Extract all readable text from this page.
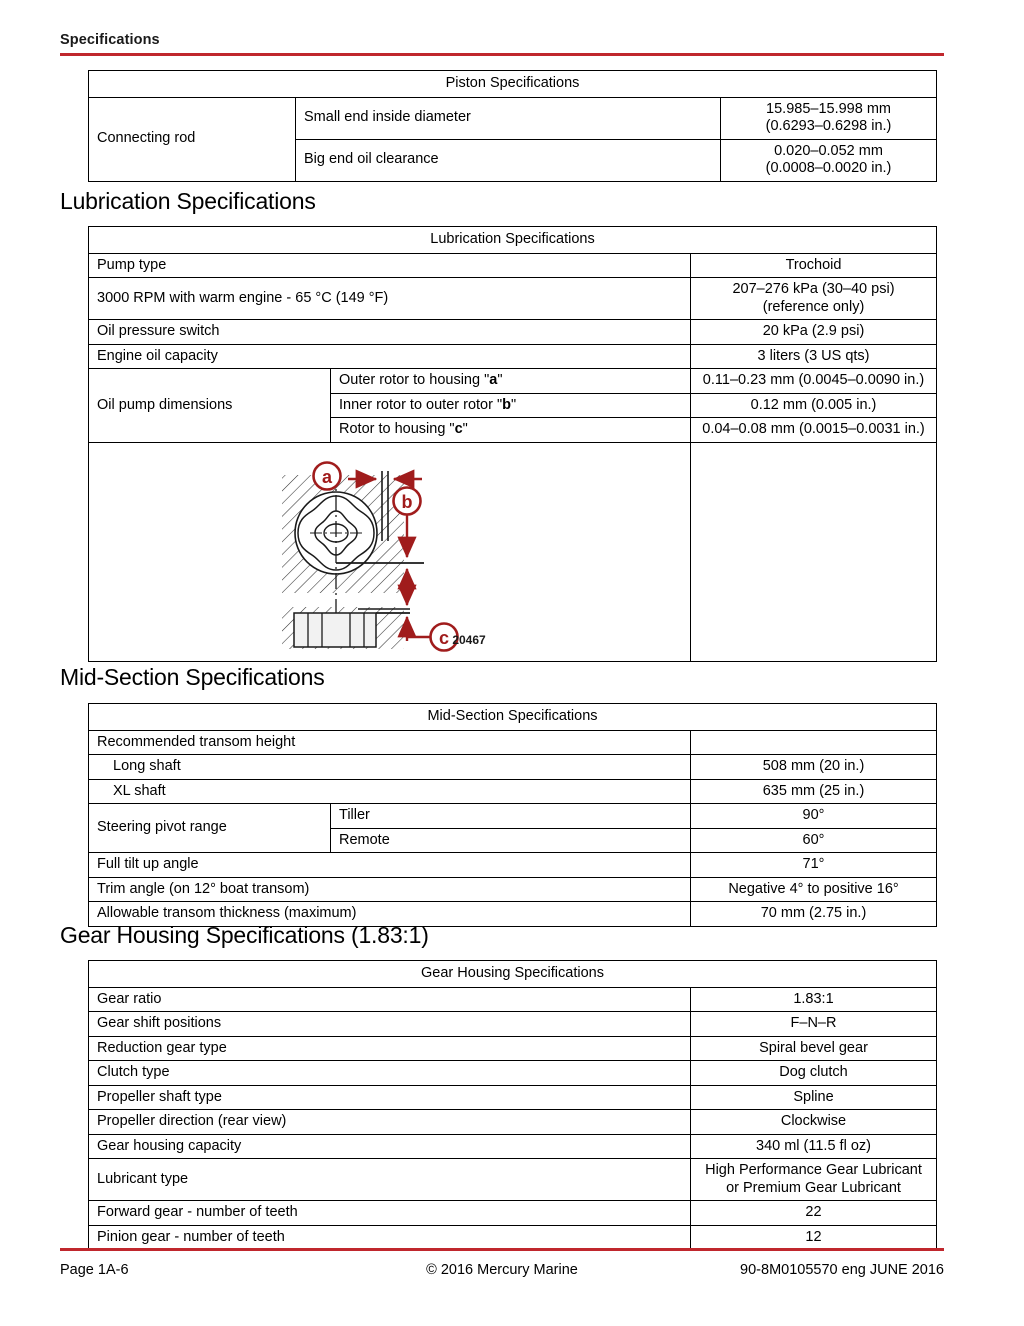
Specifications
Piston Specifications		
Connecting rod	Small end inside diameter	15.985–15.998 mm
(0.6293–0.6298 in.)

	Big end oil clearance	0.020–0.052 mm
(0.0008–0.0020 in.)
Lubrication Specifications
Lubrication Specifications		
Pump type		Trochoid
3000 RPM with warm engine - 65 °C (149 °F)		207–276 kPa (30–40 psi)
(reference only)

Oil pressure switch		20 kPa (2.9 psi)
Engine oil capacity		3 liters (3 US qts)
Oil pump dimensions	Outer rotor to housing "a"	0.11–0.23 mm (0.0045–0.0090 in.)
	Inner rotor to outer rotor "b"	0.12 mm (0.005 in.)
	Rotor to housing "c"	0.04–0.08 mm (0.0015–0.0031 in.)

a
b
c 20467		

Mid-Section Specifications
Mid-Section Specifications		
Recommended transom height		
Long shaft		508 mm (20 in.)
XL shaft		635 mm (25 in.)
Steering pivot range	Tiller	90°
	Remote	60°
Full tilt up angle		71°
Trim angle (on 12° boat transom)		Negative 4° to positive 16°
Allowable transom thickness (maximum)		70 mm (2.75 in.)
Gear Housing Specifications (1.83:1)
Gear Housing Specifications	
Gear ratio	1.83:1
Gear shift positions	F–N–R
Reduction gear type	Spiral bevel gear
Clutch type	Dog clutch
Propeller shaft type	Spline
Propeller direction (rear view)	Clockwise
Gear housing capacity	340 ml (11.5 fl oz)
Lubricant type	High Performance Gear Lubricant
or Premium Gear Lubricant

Forward gear - number of teeth	22
Pinion gear - number of teeth	12
Page 1A-6	© 2016 Mercury Marine	90-8M0105570 eng JUNE 2016
